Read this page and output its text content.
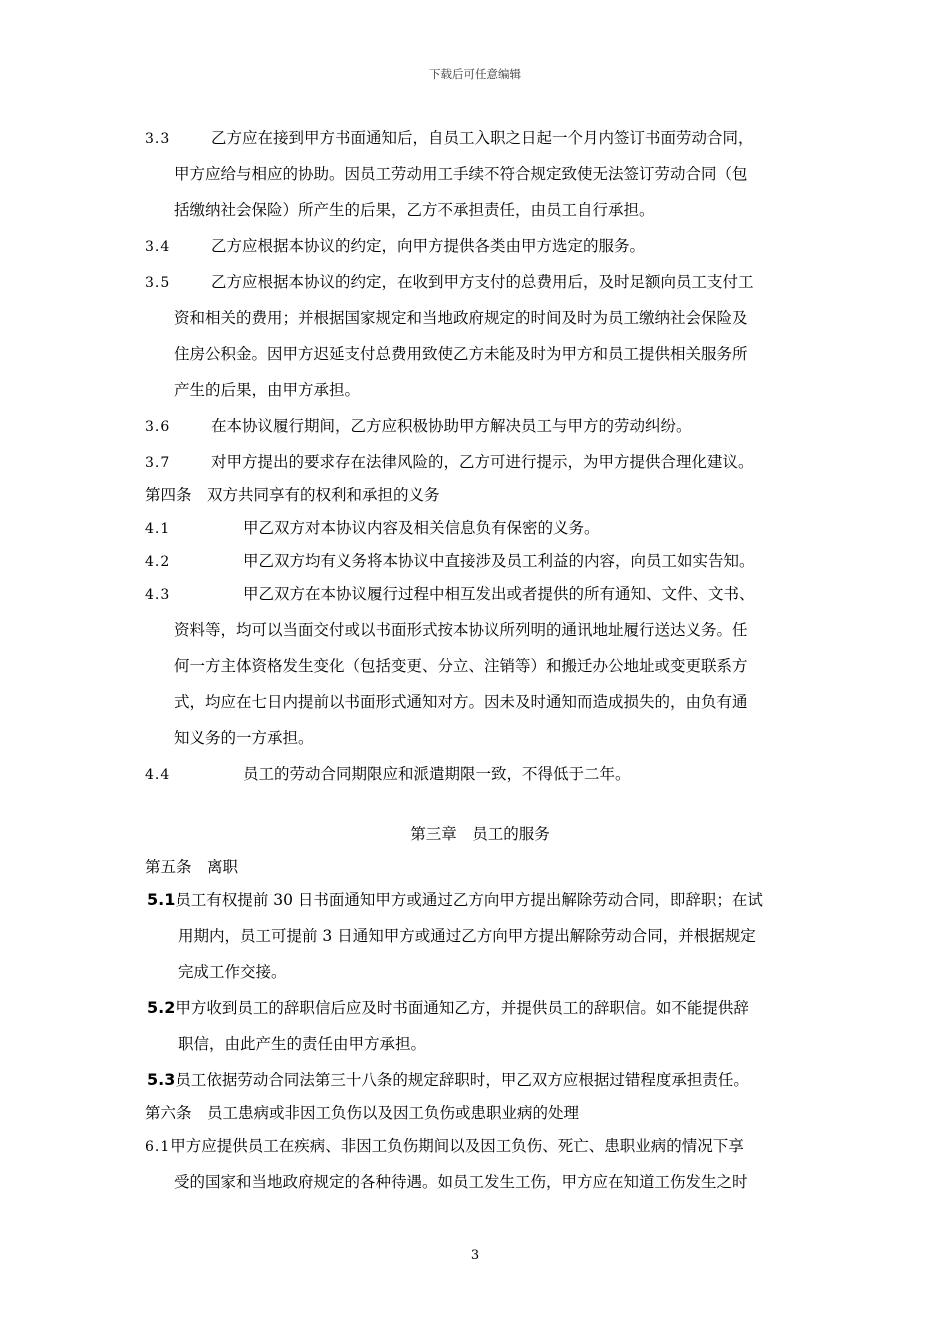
下载后可任意编辑
3.3	乙方应在接到甲方书面通知后，自员工入职之日起一个月内签订书面劳动合同，
甲方应给与相应的协助。因员工劳动用工手续不符合规定致使无法签订劳动合同（包
括缴纳社会保险）所产生的后果，乙方不承担责任，由员工自行承担。
3.4	乙方应根据本协议的约定，向甲方提供各类由甲方选定的服务。
3.5	乙方应根据本协议的约定，在收到甲方支付的总费用后，及时足额向员工支付工
资和相关的费用；并根据国家规定和当地政府规定的时间及时为员工缴纳社会保险及
住房公积金。因甲方迟延支付总费用致使乙方未能及时为甲方和员工提供相关服务所
产生的后果，由甲方承担。
3.6	在本协议履行期间，乙方应积极协助甲方解决员工与甲方的劳动纠纷。
3.7	对甲方提出的要求存在法律风险的，乙方可进行提示，为甲方提供合理化建议。
第四条　双方共同享有的权利和承担的义务
4.1	甲乙双方对本协议内容及相关信息负有保密的义务。
4.2	甲乙双方均有义务将本协议中直接涉及员工利益的内容，向员工如实告知。
4.3	甲乙双方在本协议履行过程中相互发出或者提供的所有通知、文件、文书、
资料等，均可以当面交付或以书面形式按本协议所列明的通讯地址履行送达义务。任
何一方主体资格发生变化（包括变更、分立、注销等）和搬迁办公地址或变更联系方
式，均应在七日内提前以书面形式通知对方。因未及时通知而造成损失的，由负有通
知义务的一方承担。
4.4	员工的劳动合同期限应和派遣期限一致，不得低于二年。
第三章　员工的服务
第五条　离职
5.1员工有权提前 30 日书面通知甲方或通过乙方向甲方提出解除劳动合同，即辞职；在试
用期内，员工可提前 3 日通知甲方或通过乙方向甲方提出解除劳动合同，并根据规定
完成工作交接。
5.2甲方收到员工的辞职信后应及时书面通知乙方，并提供员工的辞职信。如不能提供辞
职信，由此产生的责任由甲方承担。
5.3员工依据劳动合同法第三十八条的规定辞职时，甲乙双方应根据过错程度承担责任。
第六条　员工患病或非因工负伤以及因工负伤或患职业病的处理
6.1甲方应提供员工在疾病、非因工负伤期间以及因工负伤、死亡、患职业病的情况下享
受的国家和当地政府规定的各种待遇。如员工发生工伤，甲方应在知道工伤发生之时
3
